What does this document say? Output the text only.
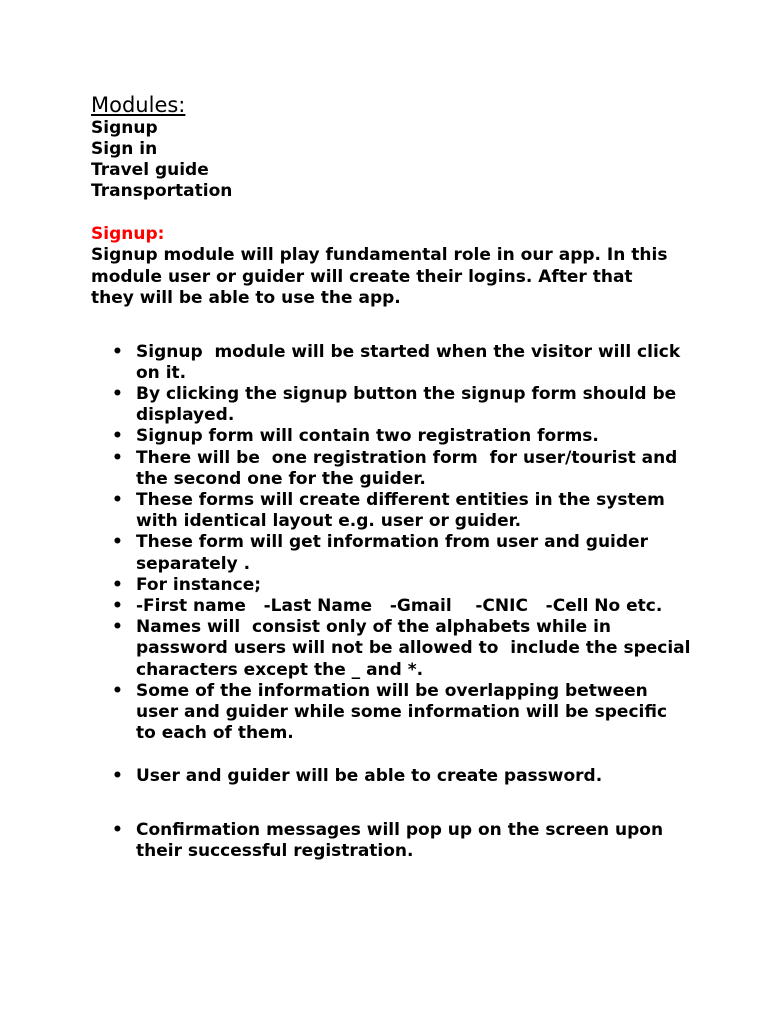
Modules:
Signup
Sign in
Travel guide
Transportation
Signup:

Signup module will play fundamental role in our app. In this module user or guider will create their logins. After that they will be able to use the app.

• Signup  module will be started when the visitor will click on it.
• By clicking the signup button the signup form should be displayed.
• Signup form will contain two registration forms.
• There will be  one registration form  for user/tourist and the second one for the guider.
• These forms will create different entities in the system with identical layout e.g. user or guider.
• These form will get information from user and guider separately .
• For instance;
• -First name   -Last Name   -Gmail    -CNIC   -Cell No etc.
• Names will  consist only of the alphabets while in password users will not be allowed to  include the special characters except the _ and *.
• Some of the information will be overlapping between user and guider while some information will be specific to each of them.
• User and guider will be able to create password.
• Confirmation messages will pop up on the screen upon their successful registration.
